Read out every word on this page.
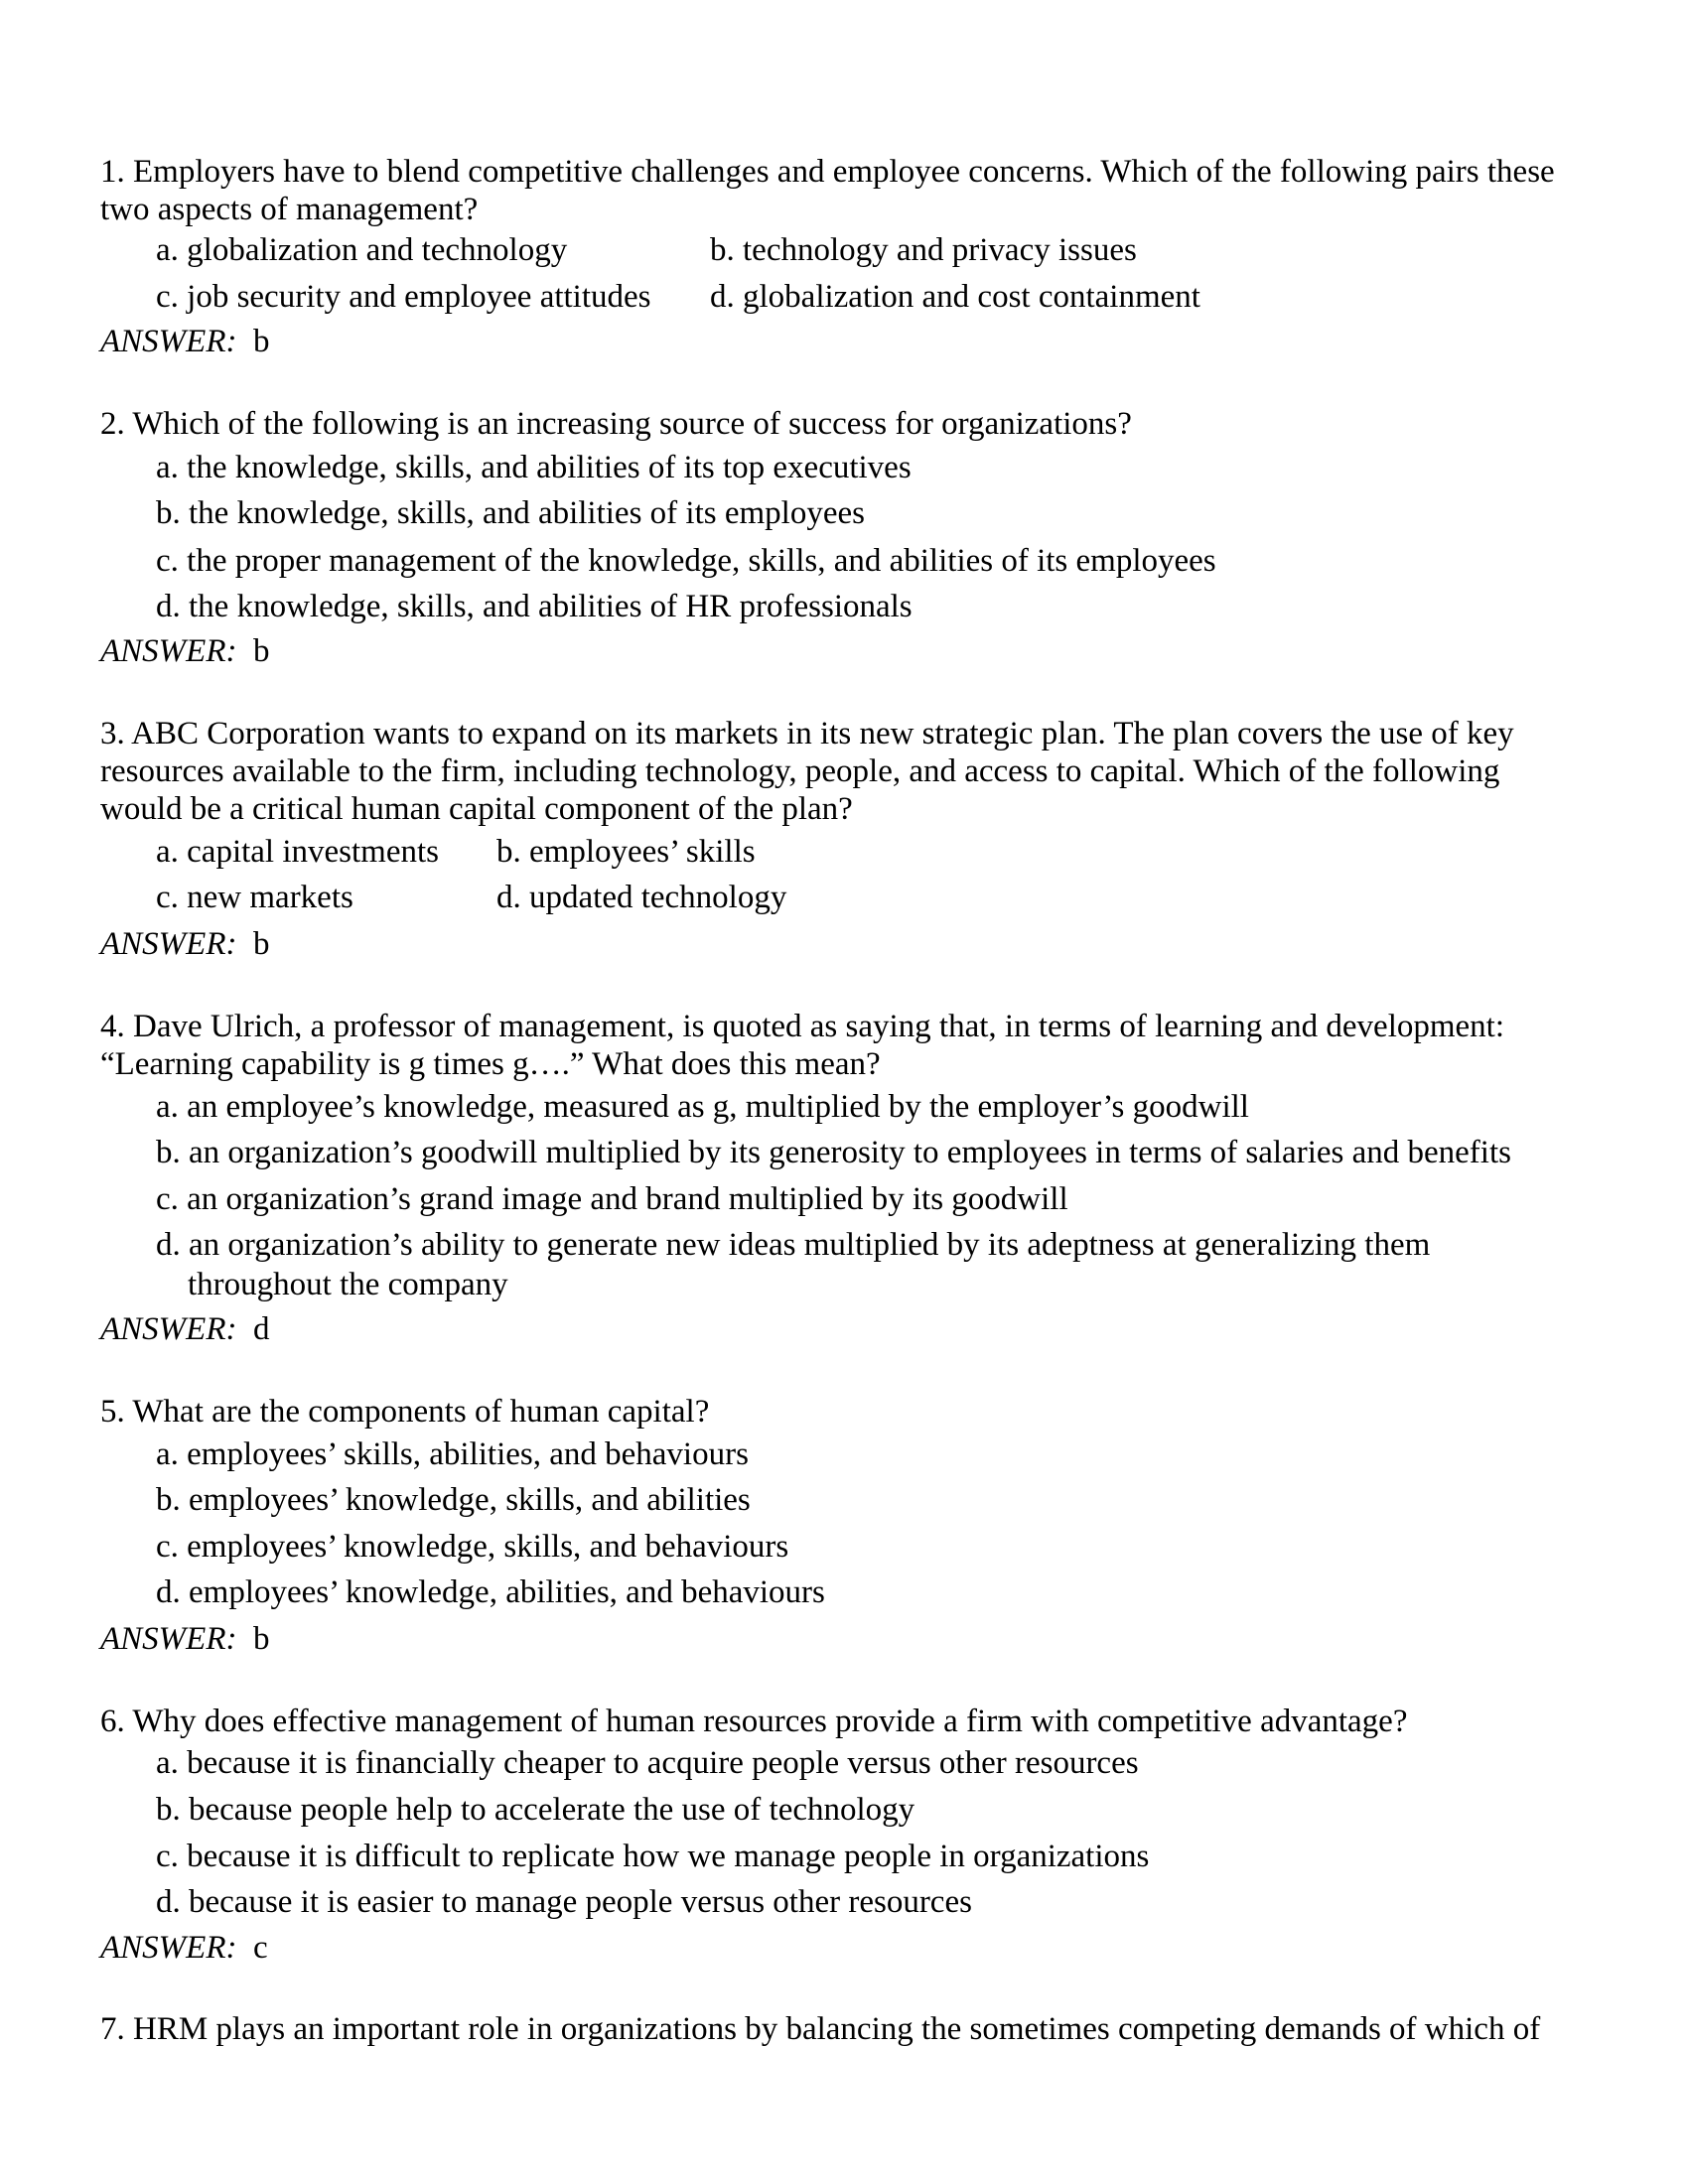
1. Employers have to blend competitive challenges and employee concerns. Which of the following pairs these
two aspects of management?
a. globalization and technology	b. technology and privacy issues
c. job security and employee attitudes d. globalization and cost containment
ANSWER: b
2. Which of the following is an increasing source of success for organizations?
a. the knowledge, skills, and abilities of its top executives
b. the knowledge, skills, and abilities of its employees
c. the proper management of the knowledge, skills, and abilities of its employees
d. the knowledge, skills, and abilities of HR professionals
ANSWER: b
3. ABC Corporation wants to expand on its markets in its new strategic plan. The plan covers the use of key
resources available to the firm, including technology, people, and access to capital. Which of the following
would be a critical human capital component of the plan?
a. capital investments b. employees’ skills
c. new markets	d. updated technology
ANSWER: b
4. Dave Ulrich, a professor of management, is quoted as saying that, in terms of learning and development:
“Learning capability is g times g….” What does this mean?
a. an employee’s knowledge, measured as g, multiplied by the employer’s goodwill
b. an organization’s goodwill multiplied by its generosity to employees in terms of salaries and benefits
c. an organization’s grand image and brand multiplied by its goodwill
d. an organization’s ability to generate new ideas multiplied by its adeptness at generalizing them
throughout the company
ANSWER: d
5. What are the components of human capital?
a. employees’ skills, abilities, and behaviours
b. employees’ knowledge, skills, and abilities
c. employees’ knowledge, skills, and behaviours
d. employees’ knowledge, abilities, and behaviours
ANSWER: b
6. Why does effective management of human resources provide a firm with competitive advantage?
a. because it is financially cheaper to acquire people versus other resources
b. because people help to accelerate the use of technology
c. because it is difficult to replicate how we manage people in organizations
d. because it is easier to manage people versus other resources
ANSWER: c
7. HRM plays an important role in organizations by balancing the sometimes competing demands of which of
